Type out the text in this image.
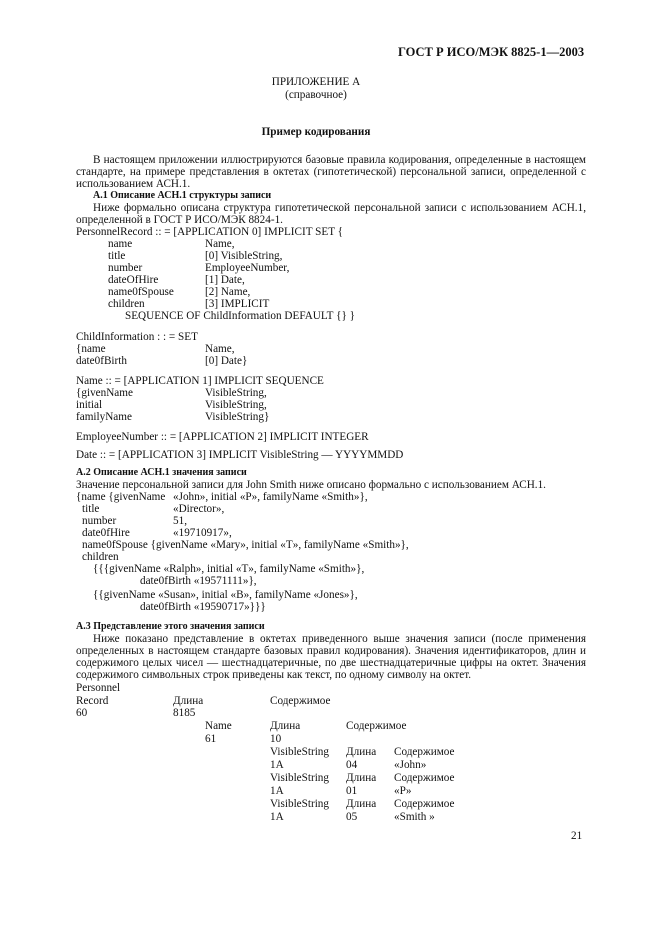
ГОСТ Р ИСО/МЭК 8825-1—2003
ПРИЛОЖЕНИЕ А
(справочное)
Пример кодирования
В настоящем приложении иллюстрируются базовые правила кодирования, определенные в настоящем
стандарте, на примере представления в октетах (гипотетической) персональной записи, определенной с
использованием АСН.1.
А.1 Описание АСН.1 структуры записи
Ниже формально описана структура гипотетической персональной записи с использованием АСН.1,
определенной в ГОСТ Р ИСО/МЭК 8824-1.
PersonnelRecord :: = [APPLICATION 0] IMPLICIT SET {
name	Name,
title	[0] VisibleString,
number	EmployeeNumber,
dateOfHire	[1] Date,
name0fSpouse	[2] Name,
children	[3] IMPLICIT
SEQUENCE OF ChildInformation DEFAULT {} }
ChildInformation : : = SET
{name	Name,
date0fBirth	[0] Date}
Name :: = [APPLICATION 1] IMPLICIT SEQUENCE
{givenName	VisibleString,
initial	VisibleString,
familyName	VisibleString}
EmployeeNumber :: = [APPLICATION 2] IMPLICIT INTEGER
Date :: = [APPLICATION 3] IMPLICIT VisibleString — YYYYMMDD
А.2 Описание АСН.1 значения записи
Значение персональной записи для John Smith ниже описано формально с использованием АСН.1.
{name {givenName «John», initial «P», familyName «Smith»},
title	«Director»,
number	51,
date0fHire	«19710917»,
name0fSpouse {givenName «Mary», initial «T», familyName «Smith»},
children
{{{givenName «Ralph», initial «T», familyName «Smith»},
date0fBirth «19571111»},
{{givenName «Susan», initial «B», familyName «Jones»},
date0fBirth «19590717»}}}
А.3 Представление этого значения записи
Ниже показано представление в октетах приведенного выше значения записи (после применения
определенных в настоящем стандарте базовых правил кодирования). Значения идентификаторов, длин и
содержимого целых чисел — шестнадцатеричные, по две шестнадцатеричные цифры на октет. Значения
содержимого символьных строк приведены как текст, по одному символу на октет.
Personnel
Record	Длина	Содержимое
60	8185
Name	Длина	Содержимое
61	10
VisibleString Длина Содержимое
1A	04	«John»
VisibleString Длина Содержимое
1A	01	«P»
VisibleString Длина Содержимое
1A	05	«Smith »
21
